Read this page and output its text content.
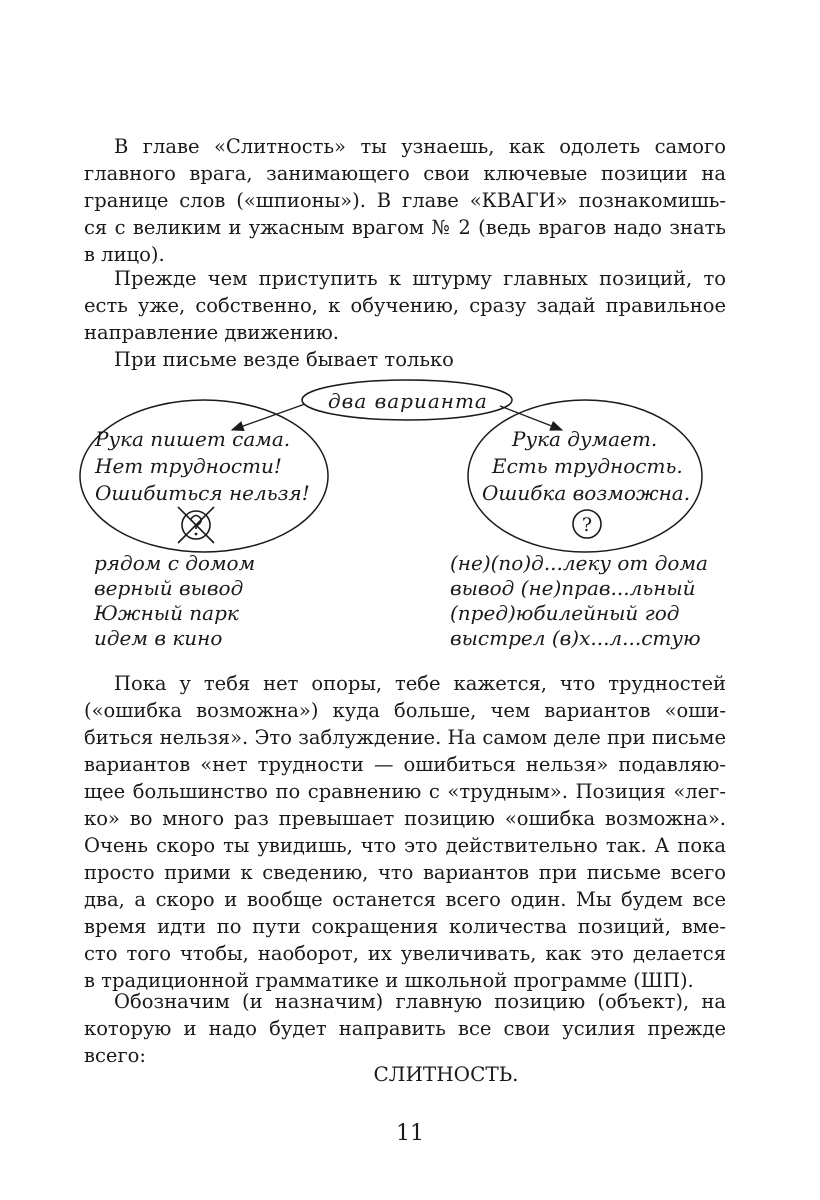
В главе «Слитность» ты узнаешь, как одолеть самого
главного врага, занимающего свои ключевые позиции на
границе слов («шпионы»). В главе «КВАГИ» познакомишь-
ся с великим и ужасным врагом № 2 (ведь врагов надо знать
в лицо).
Прежде чем приступить к штурму главных позиций, то
есть уже, собственно, к обучению, сразу задай правильное
направление движению.
При письме везде бывает только
?
два варианта
Рука пишет сама.
Нет трудности!
Ошибиться нельзя!
Рука думает.
Есть трудность.
Ошибка возможна.
рядом с домом
верный вывод
Южный парк
идем в кино
(не)(по)д...леку от дома
вывод (не)прав...льный
(пред)юбилейный год
выстрел (в)х...л...стую
Пока у тебя нет опоры, тебе кажется, что трудностей
(«ошибка возможна») куда больше, чем вариантов «оши-
биться нельзя». Это заблуждение. На самом деле при письме
вариантов «нет трудности — ошибиться нельзя» подавляю-
щее большинство по сравнению с «трудным». Позиция «лег-
ко» во много раз превышает позицию «ошибка возможна».
Очень скоро ты увидишь, что это действительно так. А пока
просто прими к сведению, что вариантов при письме всего
два, а скоро и вообще останется всего один. Мы будем все
время идти по пути сокращения количества позиций, вме-
сто того чтобы, наоборот, их увеличивать, как это делается
в традиционной грамматике и школьной программе (ШП).
Обозначим (и назначим) главную позицию (объект), на
которую и надо будет направить все свои усилия прежде
всего:
СЛИТНОСТЬ.
11
